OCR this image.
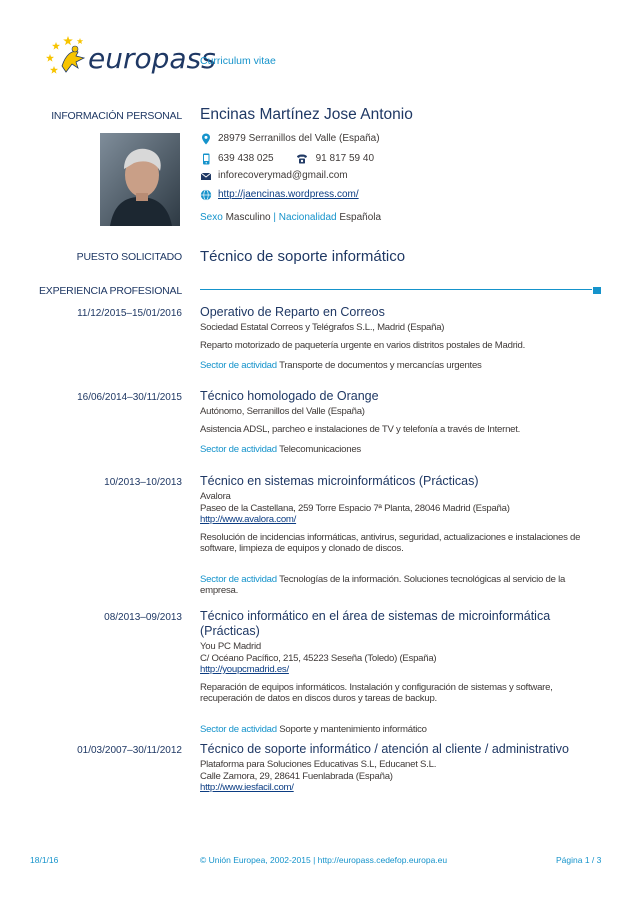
europass
Curriculum vitae
INFORMACIÓN PERSONAL Encinas Martínez Jose Antonio
28979 Serranillos del Valle (España)
639 438 025	91 817 59 40
inforecoverymad@gmail.com
http://jaencinas.wordpress.com/
Sexo Masculino | Nacionalidad Española
PUESTO SOLICITADO Técnico de soporte informático
EXPERIENCIA PROFESIONAL
11/12/2015–15/01/2016 Operativo de Reparto en Correos
Sociedad Estatal Correos y Telégrafos S.L., Madrid (España)
Reparto motorizado de paquetería urgente en varios distritos postales de Madrid.
Sector de actividad Transporte de documentos y mercancías urgentes
16/06/2014–30/11/2015 Técnico homologado de Orange
Autónomo, Serranillos del Valle (España)
Asistencia ADSL, parcheo e instalaciones de TV y telefonía a través de Internet.
Sector de actividad Telecomunicaciones
10/2013–10/2013 Técnico en sistemas microinformáticos (Prácticas)
Avalora
Paseo de la Castellana, 259 Torre Espacio 7ª Planta, 28046 Madrid (España)
http://www.avalora.com/
Resolución de incidencias informáticas, antivirus, seguridad, actualizaciones e instalaciones de software, limpieza de equipos y clonado de discos.
Sector de actividad Tecnologías de la información. Soluciones tecnológicas al servicio de la empresa.
08/2013–09/2013 Técnico informático en el área de sistemas de microinformática (Prácticas)
You PC Madrid
C/ Océano Pacífico, 215, 45223 Seseña (Toledo) (España)
http://youpcmadrid.es/
Reparación de equipos informáticos. Instalación y configuración de sistemas y software, recuperación de datos en discos duros y tareas de backup.
Sector de actividad Soporte y mantenimiento informático
01/03/2007–30/11/2012 Técnico de soporte informático / atención al cliente / administrativo
Plataforma para Soluciones Educativas S.L, Educanet S.L.
Calle Zamora, 29, 28641 Fuenlabrada (España)
http://www.iesfacil.com/
18/1/16	© Unión Europea, 2002-2015 | http://europass.cedefop.europa.eu	Página 1 / 3
